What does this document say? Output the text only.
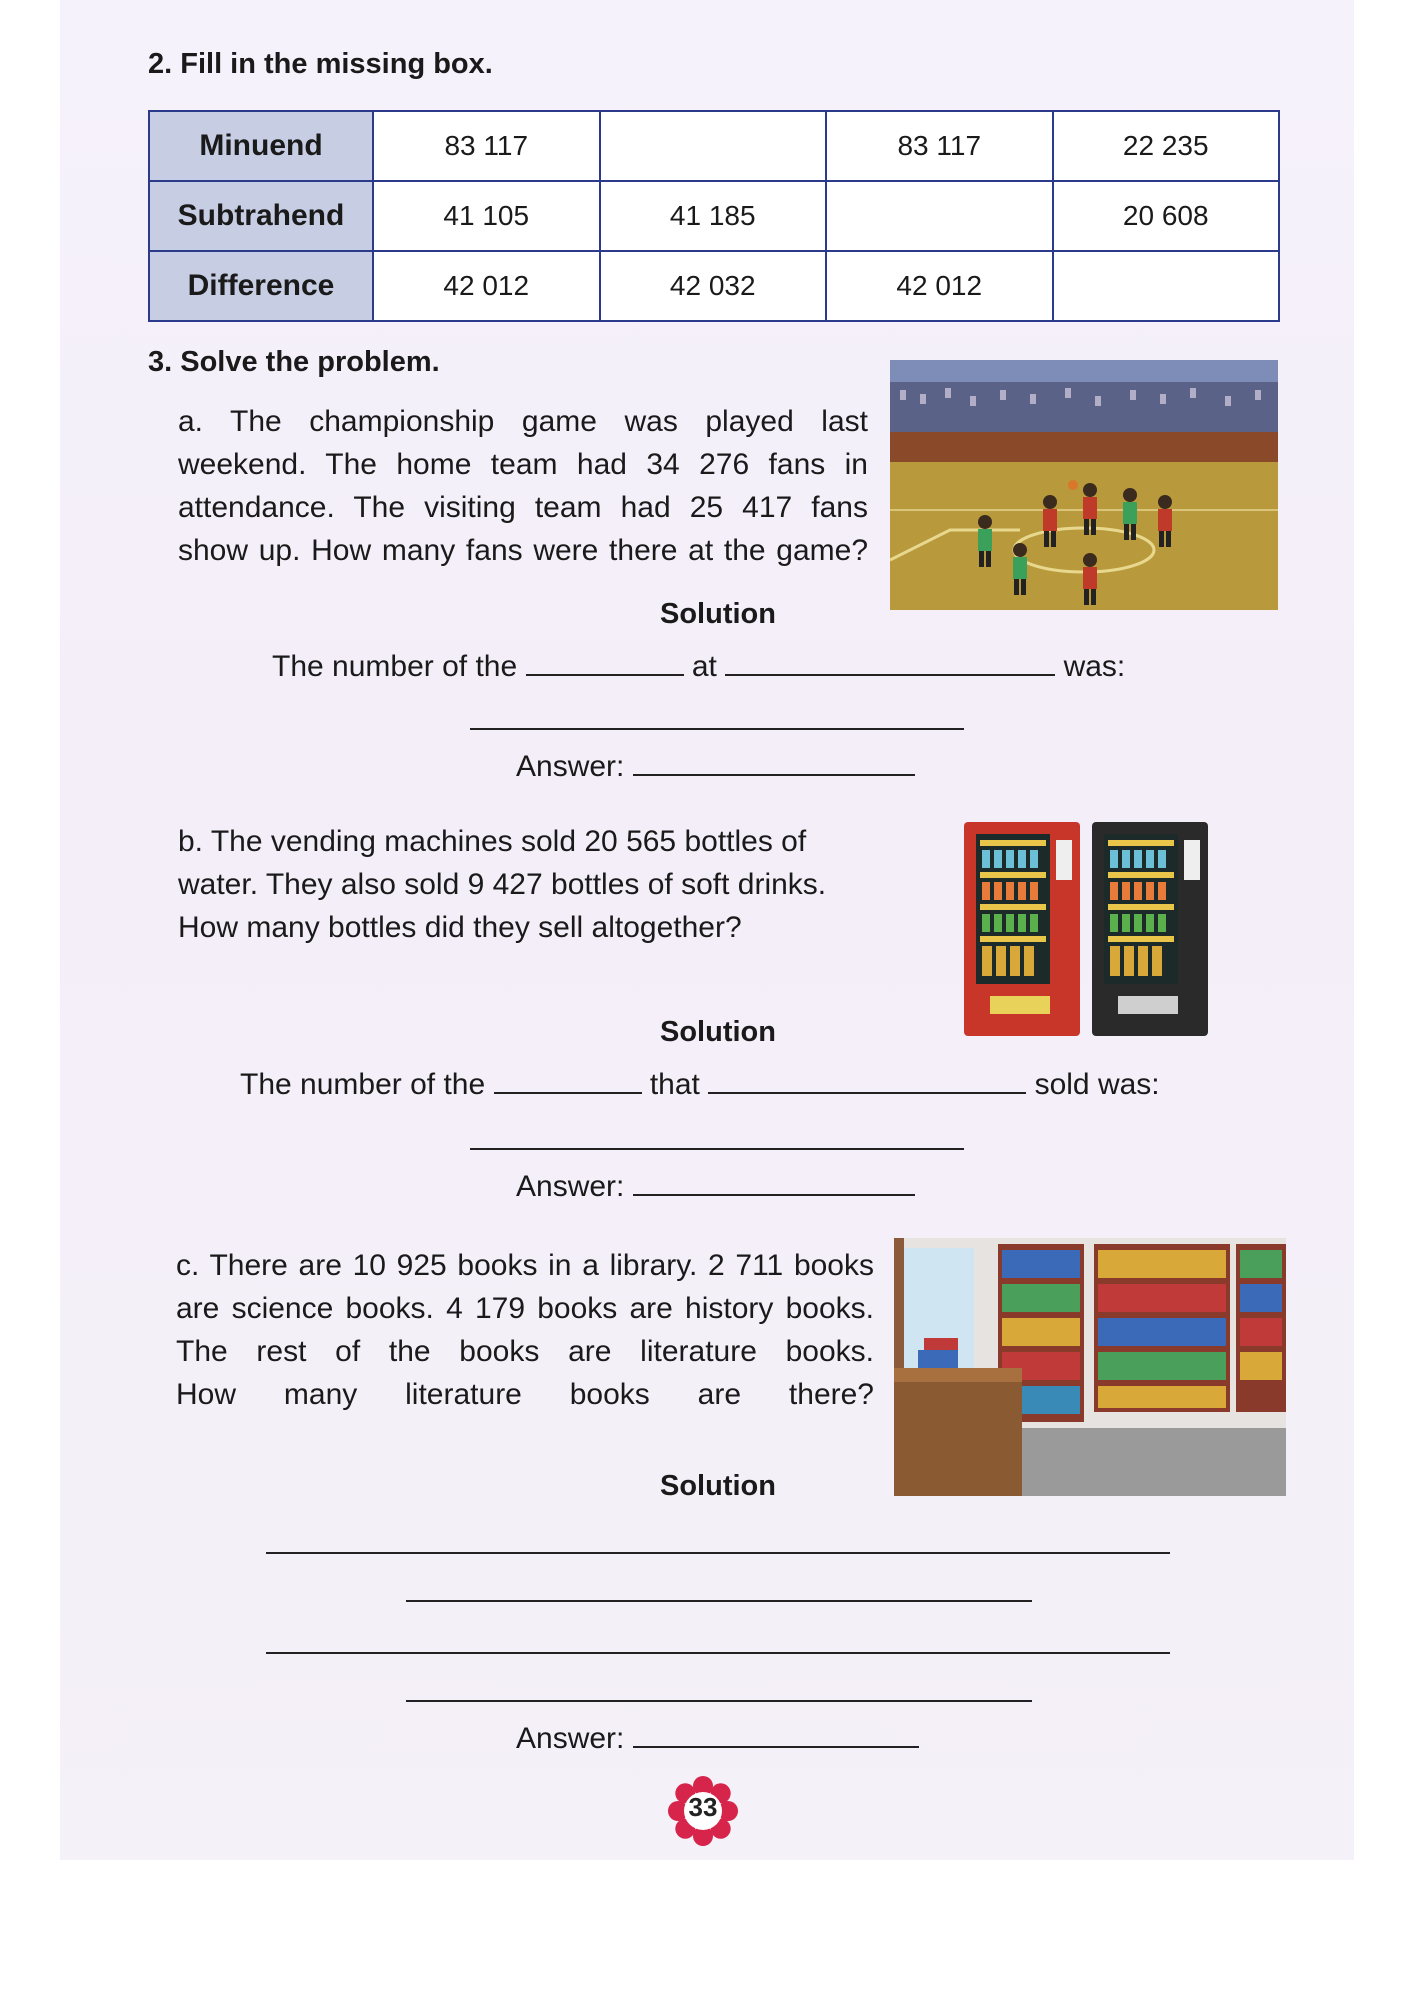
2. Fill in the missing box.
Minuend	83 117		83 117	22 235
Subtrahend	41 105	41 185		20 608
Difference	42 012	42 032	42 012	
3. Solve the problem.
a. The championship game was played last
weekend. The home team had 34 276 fans in
attendance. The visiting team had 25 417 fans
show up. How many fans were there at the game?
Solution
The number of the	at	was:
Answer:
b. The vending machines sold 20 565 bottles of
water. They also sold 9 427 bottles of soft drinks.
How many bottles did they sell altogether?
Solution
The number of the	that	sold was:
Answer:
c. There are 10 925 books in a library. 2 711 books
are science books. 4 179 books are history books.
The rest of the books are literature books.
How many literature books are there?
Solution
Answer:
33
